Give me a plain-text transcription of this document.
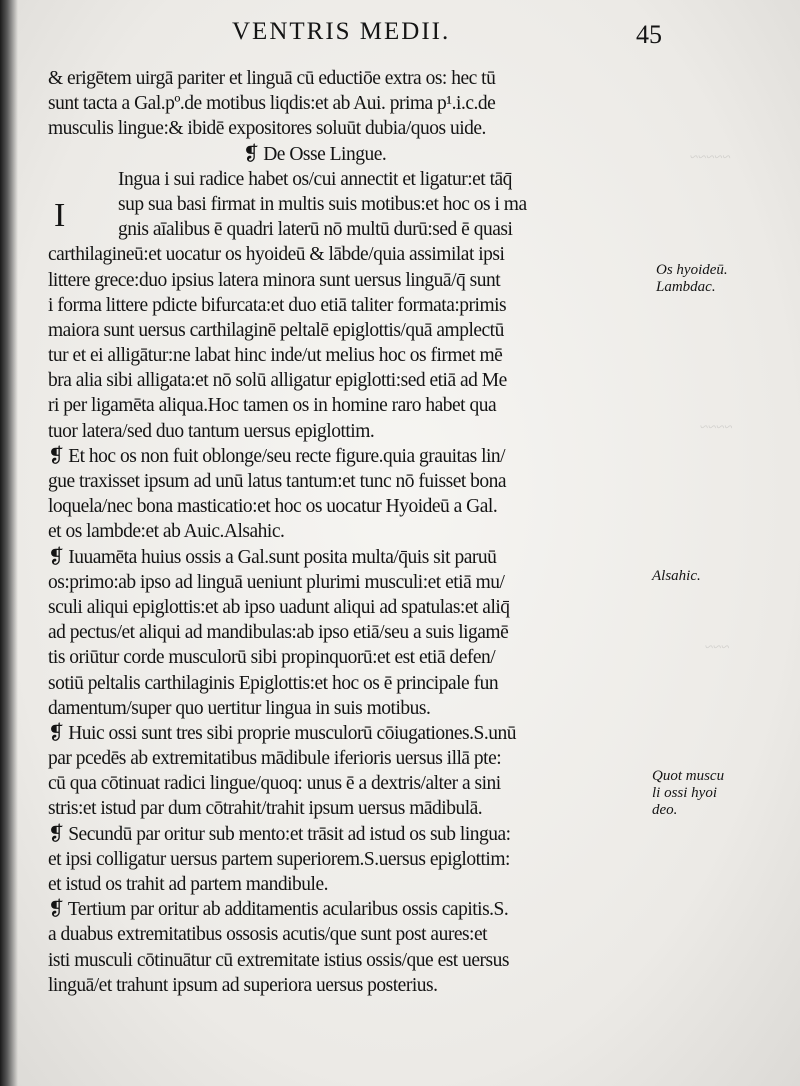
~~~~~
~~~~
~~~
VENTRIS MEDII.	45
I
& erigētem uirgā pariter et linguā cū eductiōe extra os: hec tū
sunt tacta a Gal.pº.de motibus liqdis:et ab Aui. prima p¹.i.c.de
musculis lingue:& ibidē expositores soluūt dubia/quos uide.
❡ De Osse Lingue.
Ingua i sui radice habet os/cui annectit et ligatur:et tāq̄
sup sua basi firmat in multis suis motibus:et hoc os i ma
gnis aīalibus ē quadri laterū nō multū durū:sed ē quasi
carthilagineū:et uocatur os hyoideū & lābde/quia assimilat ipsi
littere grece:duo ipsius latera minora sunt uersus linguā/q̄ sunt
i forma littere pdicte bifurcata:et duo etiā taliter formata:primis
maiora sunt uersus carthilaginē peltalē epiglottis/quā amplectū
tur et ei alligātur:ne labat hinc inde/ut melius hoc os firmet mē
bra alia sibi alligata:et nō solū alligatur epiglotti:sed etiā ad Me
ri per ligamēta aliqua.Hoc tamen os in homine raro habet qua
tuor latera/sed duo tantum uersus epiglottim.
❡ Et hoc os non fuit oblonge/seu recte figure.quia grauitas lin/
gue traxisset ipsum ad unū latus tantum:et tunc nō fuisset bona
loquela/nec bona masticatio:et hoc os uocatur Hyoideū a Gal.
et os lambde:et ab Auic.Alsahic.
❡ Iuuamēta huius ossis a Gal.sunt posita multa/q̄uis sit paruū
os:primo:ab ipso ad linguā ueniunt plurimi musculi:et etiā mu/
sculi aliqui epiglottis:et ab ipso uadunt aliqui ad spatulas:et aliq̄
ad pectus/et aliqui ad mandibulas:ab ipso etiā/seu a suis ligamē
tis oriūtur corde musculorū sibi propinquorū:et est etiā defen/
sotiū peltalis carthilaginis Epiglottis:et hoc os ē principale fun
damentum/super quo uertitur lingua in suis motibus.
❡ Huic ossi sunt tres sibi proprie musculorū cōiugationes.S.unū
par pcedēs ab extremitatibus mādibule iferioris uersus illā pte:
cū qua cōtinuat radici lingue/quoq: unus ē a dextris/alter a sini
stris:et istud par dum cōtrahit/trahit ipsum uersus mādibulā.
❡ Secundū par oritur sub mento:et trāsit ad istud os sub lingua:
et ipsi colligatur uersus partem superiorem.S.uersus epiglottim:
et istud os trahit ad partem mandibule.
❡ Tertium par oritur ab additamentis acularibus ossis capitis.S.
a duabus extremitatibus ossosis acutis/que sunt post aures:et
isti musculi cōtinuātur cū extremitate istius ossis/que est uersus
linguā/et trahunt ipsum ad superiora uersus posterius.
Os hyoideū.
Lambdac.
Alsahic.
Quot muscu
li ossi hyoi
deo.
